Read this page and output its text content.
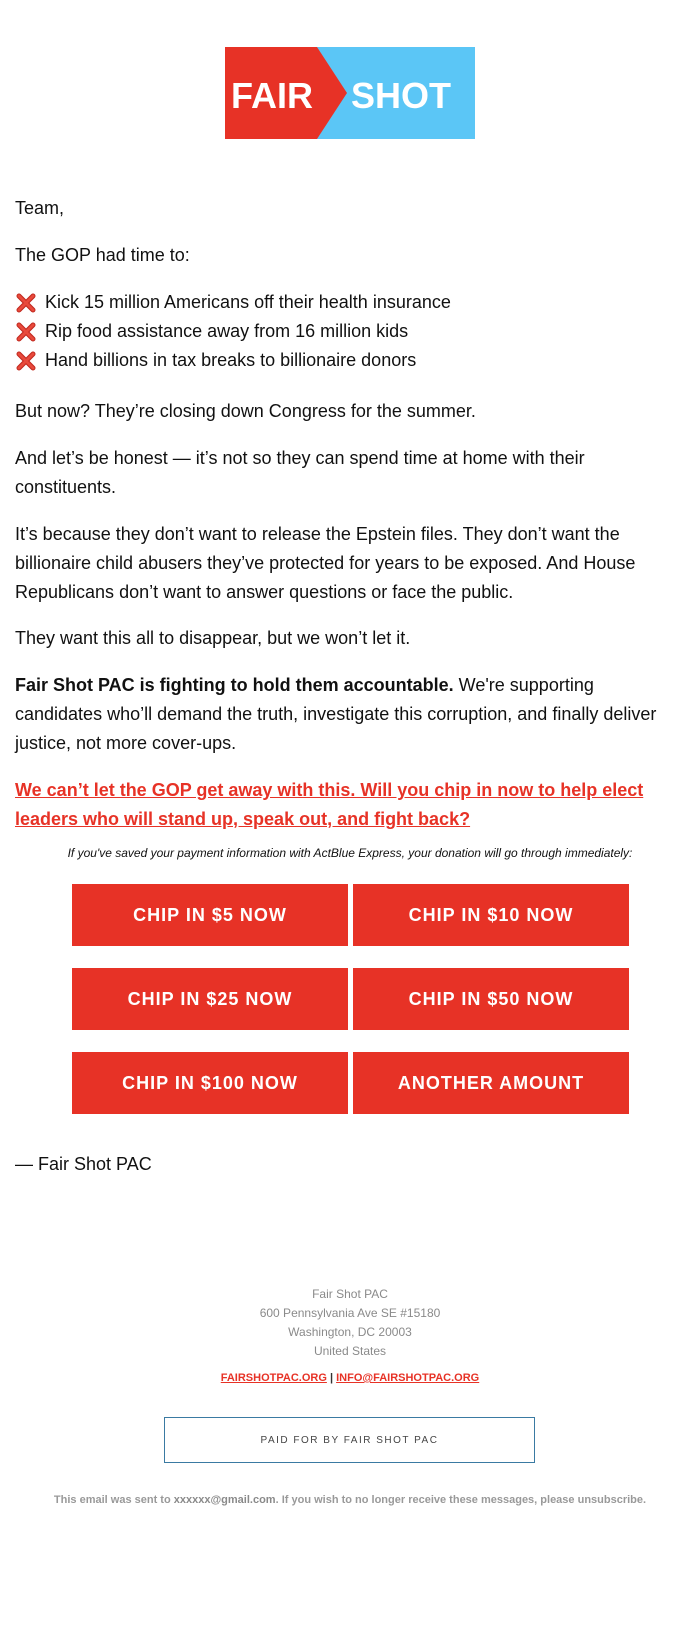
FAIR SHOT

Team,

The GOP had time to:

Kick 15 million Americans off their health insurance
Rip food assistance away from 16 million kids
Hand billions in tax breaks to billionaire donors

But now? They’re closing down Congress for the summer.

And let’s be honest — it’s not so they can spend time at home with their constituents.

It’s because they don’t want to release the Epstein files. They don’t want the billionaire child abusers they’ve protected for years to be exposed. And House Republicans don’t want to answer questions or face the public.

They want this all to disappear, but we won’t let it.

Fair Shot PAC is fighting to hold them accountable. We're supporting candidates who’ll demand the truth, investigate this corruption, and finally deliver justice, not more cover-ups.

We can’t let the GOP get away with this. Will you chip in now to help elect leaders who will stand up, speak out, and fight back?

If you've saved your payment information with ActBlue Express, your donation will go through immediately:
CHIP IN $5 NOW	CHIP IN $10 NOW
CHIP IN $25 NOW	CHIP IN $50 NOW
CHIP IN $100 NOW	ANOTHER AMOUNT
— Fair Shot PAC
Fair Shot PAC
600 Pennsylvania Ave SE #15180
Washington, DC 20003
United States
FAIRSHOTPAC.ORG | INFO@FAIRSHOTPAC.ORG
PAID FOR BY FAIR SHOT PAC
This email was sent to xxxxxx@gmail.com. If you wish to no longer receive these messages, please unsubscribe.
